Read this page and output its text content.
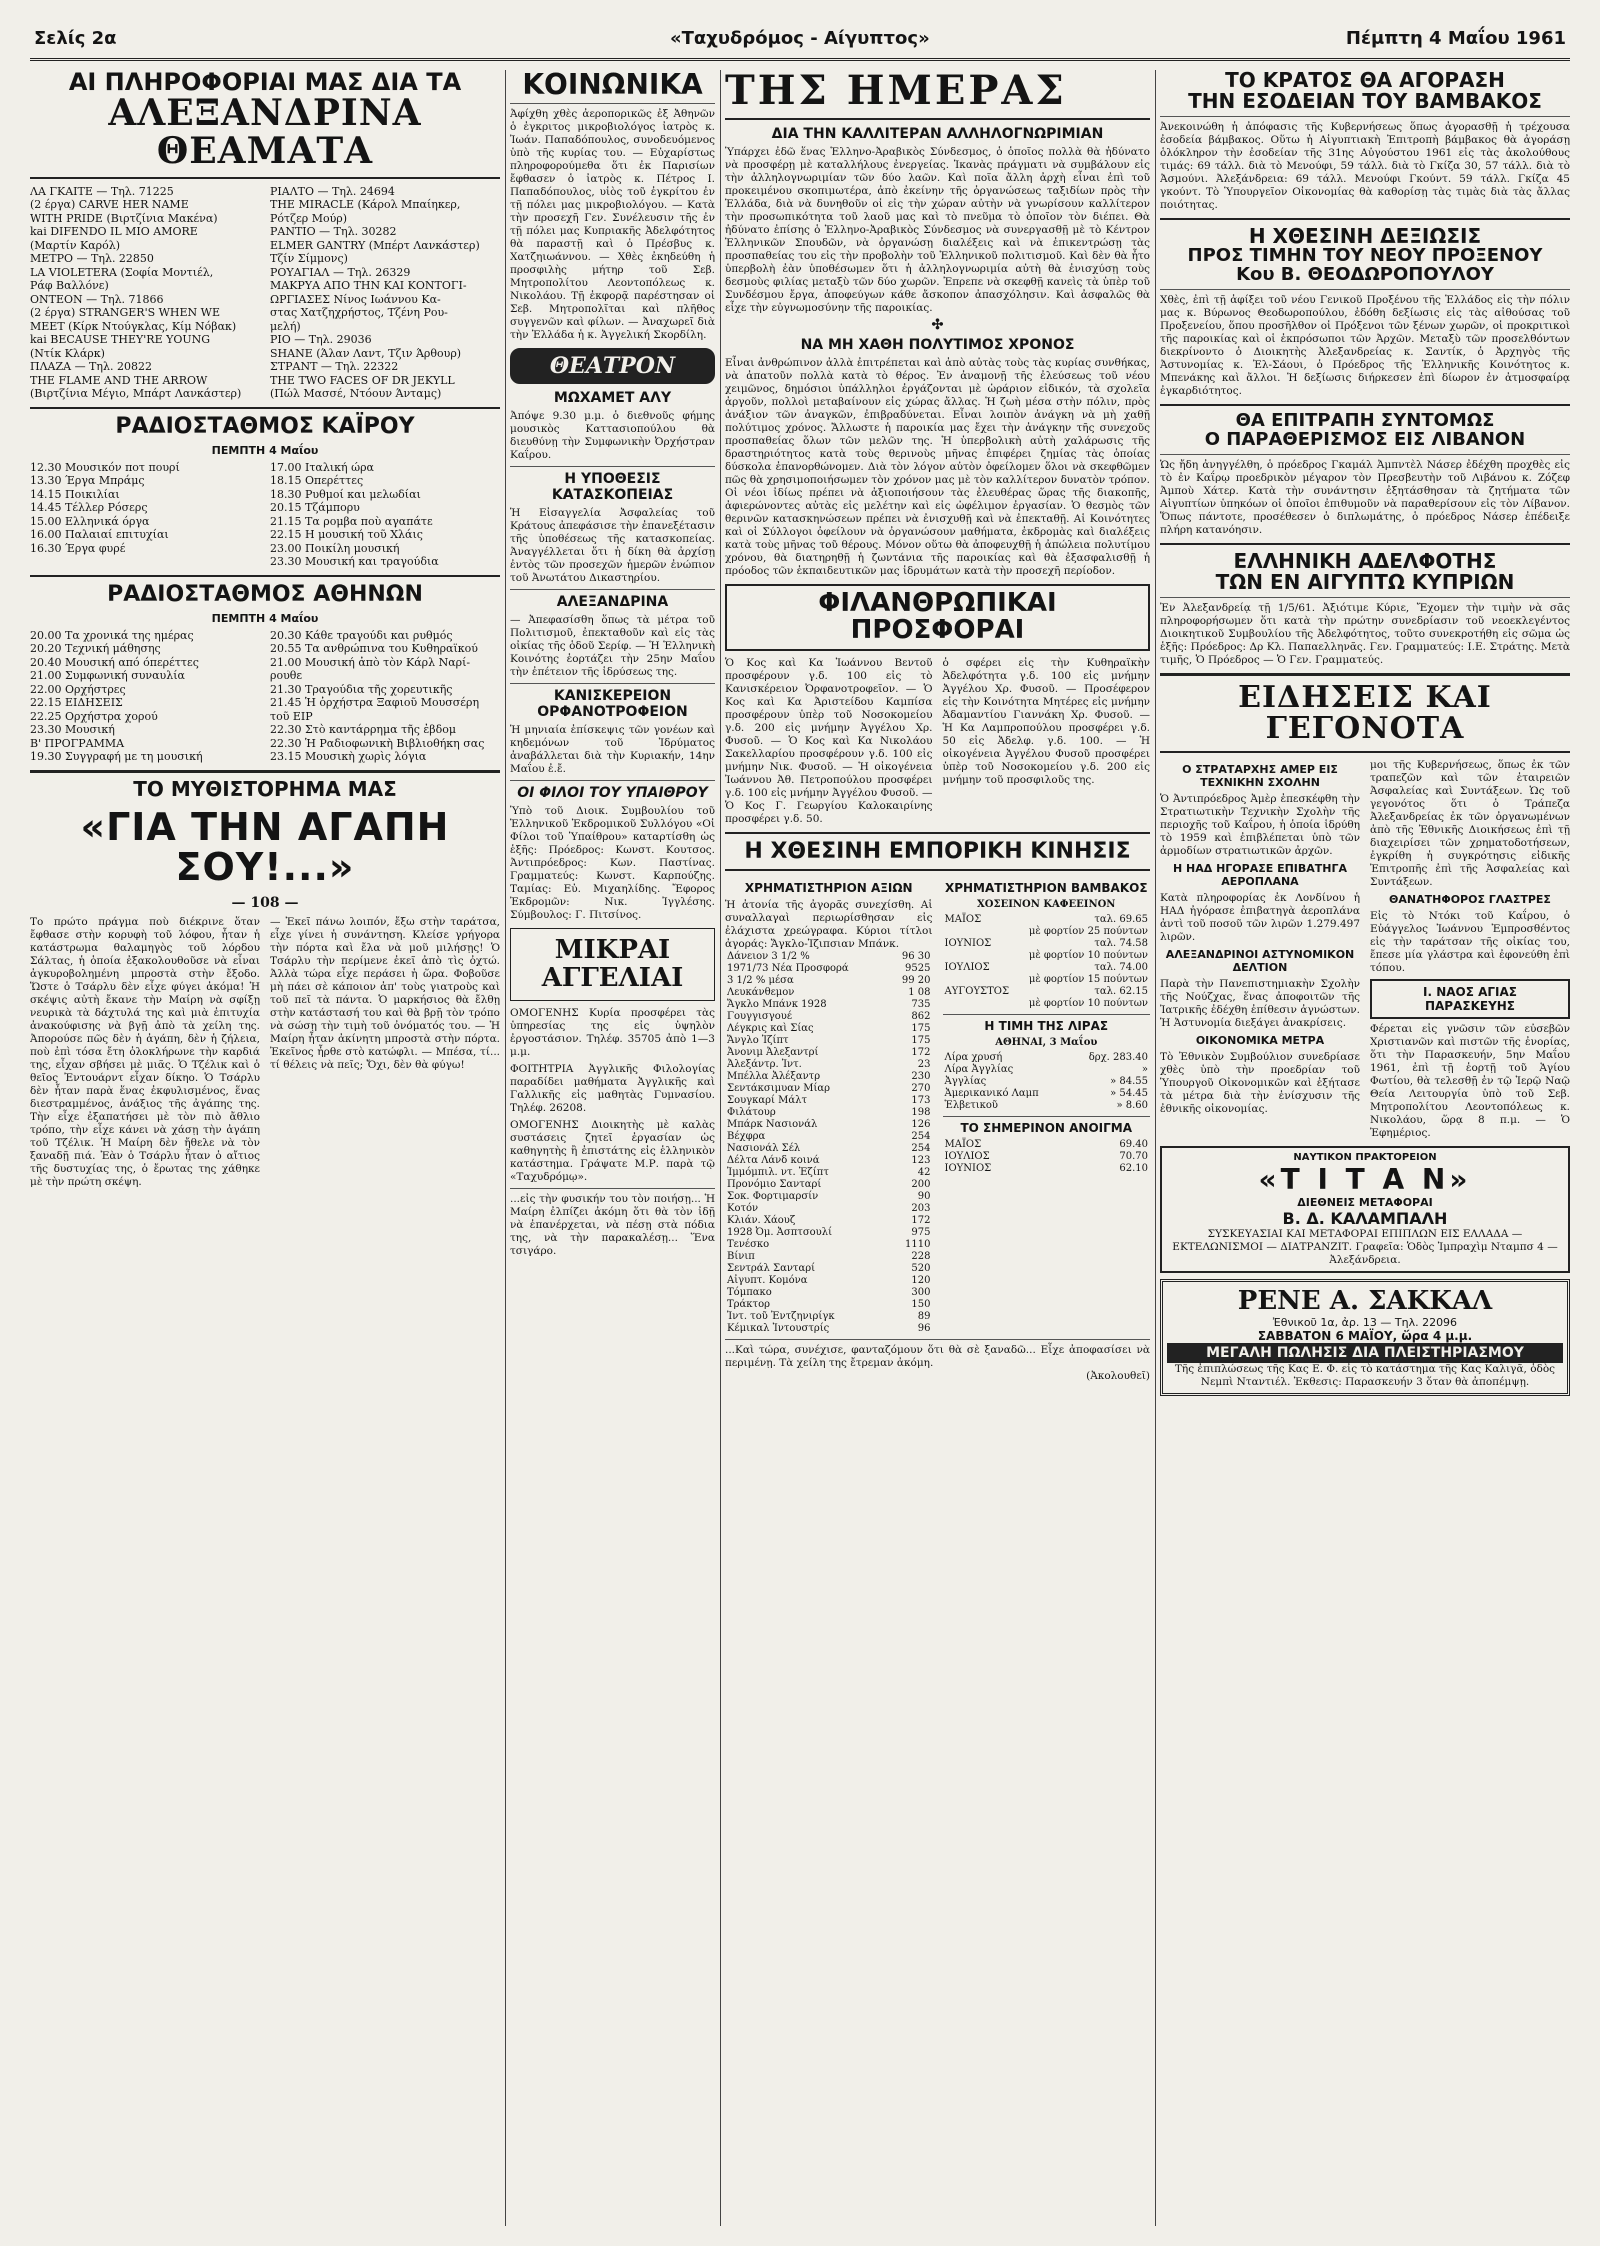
Σελίς 2α	«Ταχυδρόμος - Αίγυπτος»	Πέμπτη 4 Μαΐου 1961
ΑΙ ΠΛΗΡΟΦΟΡΙΑΙ ΜΑΣ ΔΙΑ ΤΑ
ΑΛΕΞΑΝΔΡΙΝΑ ΘΕΑΜΑΤΑ
ΛΑ ΓΚΑΙΤΕ — Τηλ. 71225
(2 έργα) CARVE HER NAME
WITH PRIDE (Βιρτζίνια Μακένα)
kai DIFENDO IL MIO AMORE
(Μαρτίν Καρόλ)
ΜΕΤΡΟ — Τηλ. 22850
LA VIOLETERA (Σοφία Μοντιέλ,
Ράφ Βαλλόνε)
ΟΝΤΕΟΝ — Τηλ. 71866
(2 έργα) STRANGER'S WHEN WE
MEET (Κίρκ Ντούγκλας, Κίμ Νόβακ)
kai BECAUSE THEY'RE YOUNG
(Ντίκ Κλάρκ)
ΠΛΑΖΑ — Τηλ. 20822
THE FLAME AND THE ARROW
(Βιρτζίνια Μέγιο, Μπάρτ Λανκάστερ)
ΡΙΑΛΤΟ — Τηλ. 24694
THE MIRACLE (Κάρολ Μπαίηκερ,
Ρότζερ Μούρ)
ΡΑΝΤΙΟ — Τηλ. 30282
ELMER GANTRY (Μπέρτ Λανκάστερ)
Τζίν Σίμμονς)
ΡΟΥΑΓΙΑΛ — Τηλ. 26329
ΜΑΚΡΥΑ ΑΠΟ ΤΗΝ ΚΑΙ ΚΟΝΤΟΓΙ-
ΩΡΓΙΑΣΕΣ Νίνος Ιωάννου Κα-
στας Χατζηχρήστος, Τζένη Ρου-
μελή)
ΡΙΟ — Τηλ. 29036
SHANE (Άλαν Λαντ, Τζιν Άρθουρ)
ΣΤΡΑΝΤ — Τηλ. 22322
THE TWO FACES OF DR JEKYLL
(Πώλ Μασσέ, Ντόουν Άνταμς)
ΡΑΔΙΟΣΤΑΘΜΟΣ ΚΑΪΡΟΥ
ΠΕΜΠΤΗ 4 Μαΐου
12.30 Μουσικόν ποτ πουρί
13.30 Έργα Μπράμς
14.15 Ποικιλίαι
14.45 Τέλλερ Ρόσερς
15.00 Ελληνικά όργα
16.00 Παλαιαί επιτυχίαι
16.30 Έργα φυρέ
17.00 Ιταλική ώρα
18.15 Οπερέττες
18.30 Ρυθμοί και μελωδίαι
20.15 Τζάμπορυ
21.15 Τα ρομβα ποὺ αγαπάτε
22.15 Η μουσική τοῦ Χλάις
23.00 Ποικίλη μουσική
23.30 Μουσική και τραγούδια
ΡΑΔΙΟΣΤΑΘΜΟΣ ΑΘΗΝΩΝ
ΠΕΜΠΤΗ 4 Μαΐου
20.00 Τα χρονικά της ημέρας
20.20 Τεχνική μάθησης
20.40 Μουσική από όπερέττες
21.00 Συμφωνική συναυλία
22.00 Ορχήστρες
22.15 ΕΙΔΗΣΕΙΣ
22.25 Ορχήστρα χορού
23.30 Μουσική
Β' ΠΡΟΓΡΑΜΜΑ
19.30 Συγγραφή με τη μουσική
20.30 Κάθε τραγούδι και ρυθμός
20.55 Τα ανθρώπινα του Κυθηραϊκού
21.00 Μουσική ἀπὸ τὸν Κάρλ Ναρί-
ρουθε
21.30 Τραγούδια τῆς χορευτικῆς
21.45 Ἡ ὀρχήστρα Ξαφιοῦ Μουσσέρη
τοῦ ΕΙΡ
22.30 Στὸ καντάρρημα τῆς ἐβδομ
22.30 Ἡ Ραδιοφωνικὴ Βιβλιοθήκη σας
23.15 Μουσικὴ χωρὶς λόγια
ΤΟ ΜΥΘΙΣΤΟΡΗΜΑ ΜΑΣ
«ΓΙΑ ΤΗΝ ΑΓΑΠΗ ΣΟΥ!...»
— 108 —

Το πρώτο πράγμα ποὺ διέκρινε ὅταν ἔφθασε στὴν κορυφὴ τοῦ λόφου, ἦταν ἡ κατάστρωμα θαλαμηγὸς τοῦ λόρδου Σάλτας, ἡ ὁποία ἐξακολουθοῦσε νὰ εἶναι ἀγκυροβολημένη μπροστὰ στὴν ἔξοδο. Ὥστε ὁ Τσάρλυ δὲν εἶχε φύγει ἀκόμα! Ἡ σκέψις αὐτὴ ἔκανε τὴν Μαίρη νὰ σφίξῃ νευρικὰ τὰ δάχτυλά της καὶ μιὰ ἐπιτυχία ἀνακούφισης νὰ βγῇ ἀπὸ τὰ χείλη της. Ἀπορούσε πῶς δὲν ἡ ἀγάπη, δὲν ἡ ζήλεια, ποὺ ἐπὶ τόσα ἔτη ὁλοκλήρωνε τὴν καρδιά της, εἶχαν σβήσει μὲ μιᾶς. Ὁ Τζέλικ καὶ ὁ θεῖος Ἐντουάρντ εἶχαν δίκηο. Ὁ Τσάρλυ δὲν ἦταν παρὰ ἕνας ἐκφυλισμένος, ἕνας διεστραμμένος, ἀνάξιος τῆς ἀγάπης της. Τὴν εἶχε ἐξαπατήσει μὲ τὸν πιὸ ἄθλιο τρόπο, τὴν εἶχε κάνει νὰ χάσῃ τὴν ἀγάπη τοῦ Τζέλικ. Ἡ Μαίρη δὲν ἤθελε νὰ τὸν ξαναδῇ πιά. Ἐὰν ὁ Τσάρλυ ἦταν ὁ αἴτιος τῆς δυστυχίας της, ὁ ἔρωτας της χάθηκε μὲ τὴν πρώτη σκέψη.

— Ἐκεῖ πάνω λοιπόν, ἔξω στὴν ταράτσα, εἶχε γίνει ἡ συνάντηση. Κλείσε γρήγορα τὴν πόρτα καὶ ἔλα νὰ μοῦ μιλήσῃς! Ὁ Τσάρλυ τὴν περίμενε ἐκεῖ ἀπὸ τὶς ὀχτώ. Ἀλλὰ τώρα εἶχε περάσει ἡ ὥρα. Φοβοῦσε μὴ πάει σὲ κάποιον ἀπ' τοὺς γιατροὺς καὶ τοῦ πεῖ τὰ πάντα. Ὁ μαρκήσιος θὰ ἔλθῃ στὴν κατάστασή του καὶ θὰ βρῇ τὸν τρόπο νὰ σώσῃ τὴν τιμὴ τοῦ ὀνόματός του. — Ἡ Μαίρη ἦταν ἀκίνητη μπροστὰ στὴν πόρτα. Ἐκεῖνος ἦρθε στὸ κατώφλι. — Μπέσα, τί... τί θέλεις νὰ πεῖς; Ὄχι, δὲν θὰ φύγω!

ΚΟΙΝΩΝΙΚΑ

Ἀφίχθη χθὲς ἀεροπορικῶς ἐξ Ἀθηνῶν ὁ ἐγκριτος μικροβιολόγος ἰατρὸς κ. Ἰωάν. Παπαδόπουλος, συνοδευόμενος ὑπὸ τῆς κυρίας του. — Εὐχαρίστως πληροφορούμεθα ὅτι ἐκ Παρισίων ἔφθασεν ὁ ἰατρὸς κ. Πέτρος Ι. Παπαδόπουλος, υἱὸς τοῦ ἐγκρίτου ἐν τῇ πόλει μας μικροβιολόγου. — Κατὰ τὴν προσεχῆ Γεν. Συνέλευσιν τῆς ἐν τῇ πόλει μας Κυπριακῆς Ἀδελφότητος θὰ παραστῇ καὶ ὁ Πρέσβυς κ. Χατζηιωάννου. — Χθὲς ἐκηδεύθη ἡ προσφιλὴς μήτηρ τοῦ Σεβ. Μητροπολίτου Λεοντοπόλεως κ. Νικολάου. Τῇ ἐκφορᾷ παρέστησαν οἱ Σεβ. Μητροπολῖται καὶ πλῆθος συγγενῶν καὶ φίλων. — Ἀναχωρεῖ διὰ τὴν Ἑλλάδα ἡ κ. Ἀγγελική Σκορδίλη.

ΘΕΑΤΡΟΝ
ΜΩΧΑΜΕΤ ΑΛΥ

Ἀπόψε 9.30 μ.μ. ὁ διεθνοῦς φήμης μουσικὸς Καττασιοπούλου θὰ διευθύνῃ τὴν Συμφωνικὴν Ὀρχήστραν Καΐρου.

Η ΥΠΟΘΕΣΙΣ ΚΑΤΑΣΚΟΠΕΙΑΣ

Ἡ Εἰσαγγελία Ἀσφαλείας τοῦ Κράτους ἀπεφάσισε τὴν ἐπανεξέτασιν τῆς ὑποθέσεως τῆς κατασκοπείας. Ἀναγγέλλεται ὅτι ἡ δίκη θὰ ἀρχίσῃ ἐντὸς τῶν προσεχῶν ἡμερῶν ἐνώπιον τοῦ Ἀνωτάτου Δικαστηρίου.

ΑΛΕΞΑΝΔΡΙΝΑ

— Ἀπεφασίσθη ὅπως τὰ μέτρα τοῦ Πολιτισμοῦ, ἐπεκταθοῦν καὶ εἰς τὰς οἰκίας τῆς ὁδοῦ Σερίφ. — Ἡ Ἑλληνικὴ Κοινότης ἑορτάζει τὴν 25ην Μαΐου τὴν ἐπέτειον τῆς ἱδρύσεως της.

ΚΑΝΙΣΚΕΡΕΙΟΝ ΟΡΦΑΝΟΤΡΟΦΕΙΟΝ

Ἡ μηνιαία ἐπίσκεψις τῶν γονέων καὶ κηδεμόνων τοῦ Ἱδρύματος ἀναβάλλεται διὰ τὴν Κυριακήν, 14ην Μαΐου ἐ.ἔ.

ΟΙ ΦΙΛΟΙ ΤΟΥ ΥΠΑΙΘΡΟΥ

Ὑπὸ τοῦ Διοικ. Συμβουλίου τοῦ Ἑλληνικοῦ Ἐκδρομικοῦ Συλλόγου «Οἱ Φίλοι τοῦ Ὑπαίθρου» καταρτίσθη ὡς ἑξῆς: Πρόεδρος: Κωνστ. Κουτσος. Ἀντιπρόεδρος: Κων. Παστίνας. Γραμματεύς: Κωνστ. Καρπούζης. Ταμίας: Εὐ. Μιχαηλίδης. Ἔφορος Ἐκδρομῶν: Νικ. Ἰγγλέσης. Σύμβουλος: Γ. Πιτσίνος.

ΜΙΚΡΑΙ ΑΓΓΕΛΙΑΙ

ΟΜΟΓΕΝΗΣ Κυρία προσφέρει τὰς ὑπηρεσίας της εἰς ὑψηλὸν ἐργοστάσιον. Τηλέφ. 35705 ἀπὸ 1—3 μ.μ.

ΦΟΙΤΗΤΡΙΑ Ἀγγλικῆς Φιλολογίας παραδίδει μαθήματα Ἀγγλικῆς καὶ Γαλλικῆς εἰς μαθητὰς Γυμνασίου. Τηλέφ. 26208.

ΟΜΟΓΕΝΗΣ Διοικητὴς μὲ καλὰς συστάσεις ζητεῖ ἐργασίαν ὡς καθηγητὴς ἢ ἐπιστάτης εἰς ἑλληνικὸν κατάστημα. Γράψατε Μ.Ρ. παρὰ τῷ «Ταχυδρόμῳ».

...εἰς τὴν φυσικήν του τὸν ποιήσῃ... Ἡ Μαίρη ἐλπίζει ἀκόμη ὅτι θὰ τὸν ἰδῇ νὰ ἐπανέρχεται, νὰ πέσῃ στὰ πόδια της, νὰ τὴν παρακαλέσῃ... Ἕνα τσιγάρο.

ΤΗΣ ΗΜΕΡΑΣ
ΔΙΑ ΤΗΝ ΚΑΛΛΙΤΕΡΑΝ ΑΛΛΗΛΟΓΝΩΡΙΜΙΑΝ

Ὑπάρχει ἐδῶ ἕνας Ἑλληνο-Ἀραβικὸς Σύνδεσμος, ὁ ὁποῖος πολλὰ θὰ ἠδύνατο νὰ προσφέρῃ μὲ καταλλήλους ἐνεργείας. Ἱκανὰς πράγματι νὰ συμβάλουν εἰς τὴν ἀλληλογνωριμίαν τῶν δύο λαῶν. Καὶ ποῖα ἄλλη ἀρχὴ εἶναι ἐπὶ τοῦ προκειμένου σκοπιμωτέρα, ἀπὸ ἐκείνην τῆς ὀργανώσεως ταξιδίων πρὸς τὴν Ἑλλάδα, διὰ νὰ δυνηθοῦν οἱ εἰς τὴν χώραν αὐτὴν νὰ γνωρίσουν καλλίτερον τὴν προσωπικότητα τοῦ λαοῦ μας καὶ τὸ πνεῦμα τὸ ὁποῖον τὸν διέπει. Θὰ ἠδύνατο ἐπίσης ὁ Ἑλληνο-Ἀραβικὸς Σύνδεσμος νὰ συνεργασθῇ μὲ τὸ Κέντρον Ἑλληνικῶν Σπουδῶν, νὰ ὀργανώσῃ διαλέξεις καὶ νὰ ἐπικεντρώσῃ τὰς προσπαθείας του εἰς τὴν προβολὴν τοῦ Ἑλληνικοῦ πολιτισμοῦ. Καὶ δὲν θὰ ἦτο ὑπερβολὴ ἐὰν ὑποθέσωμεν ὅτι ἡ ἀλληλογνωριμία αὐτὴ θὰ ἐνισχύσῃ τοὺς δεσμοὺς φιλίας μεταξὺ τῶν δύο χωρῶν. Ἐπρεπε νὰ σκεφθῇ κανεὶς τὰ ὑπὲρ τοῦ Συνδέσμου ἔργα, ἀποφεύγων κάθε ἄσκοπον ἀπασχόλησιν. Καὶ ἀσφαλῶς θὰ εἶχε τὴν εὐγνωμοσύνην τῆς παροικίας.

✣
ΝΑ ΜΗ ΧΑΘΗ ΠΟΛΥΤΙΜΟΣ ΧΡΟΝΟΣ

Εἶναι ἀνθρώπινον ἀλλὰ ἐπιτρέπεται καὶ ἀπὸ αὐτὰς τοὺς τὰς κυρίας συνθήκας, νὰ ἀπατοῦν πολλὰ κατὰ τὸ θέρος. Ἐν ἀναμονῇ τῆς ἐλεύσεως τοῦ νέου χειμῶνος, δημόσιοι ὑπάλληλοι ἐργάζονται μὲ ὡράριον εἰδικόν, τὰ σχολεῖα ἀργοῦν, πολλοὶ μεταβαίνουν εἰς χώρας ἄλλας. Ἡ ζωὴ μέσα στὴν πόλιν, πρὸς ἀνάξιον τῶν ἀναγκῶν, ἐπιβραδύνεται. Εἶναι λοιπὸν ἀνάγκη νὰ μὴ χαθῇ πολύτιμος χρόνος. Ἄλλωστε ἡ παροικία μας ἔχει τὴν ἀνάγκην τῆς συνεχοῦς προσπαθείας ὅλων τῶν μελῶν της. Ἡ ὑπερβολικὴ αὐτὴ χαλάρωσις τῆς δραστηριότητος κατὰ τοὺς θερινοὺς μῆνας ἐπιφέρει ζημίας τὰς ὁποίας δύσκολα ἐπανορθώνομεν. Διὰ τὸν λόγον αὐτὸν ὀφείλομεν ὅλοι νὰ σκεφθῶμεν πῶς θὰ χρησιμοποιήσωμεν τὸν χρόνον μας μὲ τὸν καλλίτερον δυνατὸν τρόπον. Οἱ νέοι ἰδίως πρέπει νὰ ἀξιοποιήσουν τὰς ἐλευθέρας ὥρας τῆς διακοπῆς, ἀφιερώνοντες αὐτὰς εἰς μελέτην καὶ εἰς ὠφέλιμον ἐργασίαν. Ὁ θεσμὸς τῶν θερινῶν κατασκηνώσεων πρέπει νὰ ἐνισχυθῇ καὶ νὰ ἐπεκταθῇ. Αἱ Κοινότητες καὶ οἱ Σύλλογοι ὀφείλουν νὰ ὀργανώσουν μαθήματα, ἐκδρομὰς καὶ διαλέξεις κατὰ τοὺς μῆνας τοῦ θέρους. Μόνον οὕτω θὰ ἀποφευχθῇ ἡ ἀπώλεια πολυτίμου χρόνου, θὰ διατηρηθῇ ἡ ζωντάνια τῆς παροικίας καὶ θὰ ἐξασφαλισθῇ ἡ πρόοδος τῶν ἐκπαιδευτικῶν μας ἱδρυμάτων κατὰ τὴν προσεχῆ περίοδον.

ΦΙΛΑΝΘΡΩΠΙΚΑΙ ΠΡΟΣΦΟΡΑΙ

Ὁ Κος καὶ Κα Ἰωάννου Βεντοῦ προσφέρουν γ.δ. 100 εἰς τὸ Κανισκέρειον Ὀρφανοτροφεῖον. — Ὁ Κος καὶ Κα Ἀριστείδου Καμπίσα προσφέρουν ὑπὲρ τοῦ Νοσοκομείου γ.δ. 200 εἰς μνήμην Ἀγγέλου Χρ. Φυσοῦ. — Ὁ Κος καὶ Κα Νικολάου Σακελλαρίου προσφέρουν γ.δ. 100 εἰς μνήμην Νικ. Φυσοῦ. — Ἡ οἰκογένεια Ἰωάννου Ἀθ. Πετροπούλου προσφέρει γ.δ. 100 εἰς μνήμην Ἀγγέλου Φυσοῦ. — Ὁ Κος Γ. Γεωργίου Καλοκαιρίνης προσφέρει γ.δ. 50.

ὁ σφέρει εἰς τὴν Κυθηραϊκὴν Ἀδελφότητα γ.δ. 100 εἰς μνήμην Ἀγγέλου Χρ. Φυσοῦ. — Προσέφερον εἰς τὴν Κοινότητα Μητέρες εἰς μνήμην Ἀδαμαντίου Γιαννάκη Χρ. Φυσοῦ. — Ἡ Κα Λαμπροπούλου προσφέρει γ.δ. 50 εἰς Ἀδελφ. γ.δ. 100. — Ἡ οἰκογένεια Ἀγγέλου Φυσοῦ προσφέρει ὑπὲρ τοῦ Νοσοκομείου γ.δ. 200 εἰς μνήμην τοῦ προσφιλοῦς της.

Η ΧΘΕΣΙΝΗ ΕΜΠΟΡΙΚΗ ΚΙΝΗΣΙΣ
ΧΡΗΜΑΤΙΣΤΗΡΙΟΝ ΑΞΙΩΝ

Ἡ ἀτονία τῆς ἀγορᾶς συνεχίσθη. Αἱ συναλλαγαὶ περιωρίσθησαν εἰς ἐλάχιστα χρεώγραφα. Κύριοι τίτλοι ἀγοράς: Ἄγκλο-Ἰζιπσιαν Μπάνκ.

Δάνειον 3 1/2 %	96 30
1971/73 Νέα Προσφορά	9525
3 1/2 % μέσα	99 20
Λευκάνθεμον	1 08
Ἄγκλο Μπάνκ 1928	735
Γουγγισγουέ	862
Λέγκρις καὶ Σίας	175
Ἄνγλο Ἰζίπτ	175
Ἀνονιμ Ἀλεξαντρί	172
Ἀλεξάντρ. Ἰντ.	23
Μπέλλα Ἀλέξαντρ	230
Σεντάκσιμυαν Μίαρ	270
Σουγκαρί Μάλτ	173
Φιλάτουρ	198
Μπάρκ Νασιονάλ	126
Βέχφρα	254
Νασιονάλ Σέλ	254
Δέλτα Λάνδ κοινά	123
Ἰμμόμπιλ. ντ. Ἐζίπτ	42
Προνόμιο Σανταρί	200
Σοκ. Φορτιμαρσίν	90
Κοτόν	203
Κλιάν. Χάουζ	172
1928 Ὀμ. Ἀσπτσουλί	975
Τενέσκο	1110
Βίνιπ	228
Σεντράλ Σανταρί	520
Αἰγυπτ. Κομόνα	120
Τόμπακο	300
Τράκτορ	150
Ἰντ. τοῦ Ἐντζηνιρίγκ	89
Κέμικαλ Ἰντουστρίς	96
ΧΡΗΜΑΤΙΣΤΗΡΙΟΝ ΒΑΜΒΑΚΟΣ
ΧΟΣΕΙΝΟΝ ΚΑΦΕΕΙΝΟΝ
ΜΑΪΟΣ	ταλ. 69.65
	μὲ φορτίον 25 πούντων
ΙΟΥΝΙΟΣ	ταλ. 74.58
	μὲ φορτίον 10 πούντων
ΙΟΥΛΙΟΣ	ταλ. 74.00
	μὲ φορτίον 15 πούντων
ΑΥΓΟΥΣΤΟΣ	ταλ. 62.15
	μὲ φορτίον 10 πούντων
Η ΤΙΜΗ ΤΗΣ ΛΙΡΑΣ
ΑΘΗΝΑΙ, 3 Μαΐου
Λίρα χρυσή	δρχ. 283.40
Λίρα Ἀγγλίας	»
Ἀγγλίας	» 84.55
Ἀμερικανικό Λαμπ	» 54.45
Ἑλβετικοῦ	» 8.60
ΤΟ ΣΗΜΕΡΙΝΟΝ ΑΝΟΙΓΜΑ
ΜΑΪΟΣ	69.40
ΙΟΥΛΙΟΣ	70.70
ΙΟΥΝΙΟΣ	62.10

...Καὶ τώρα, συνέχισε, φανταζόμουν ὅτι θὰ σὲ ξαναδῶ... Εἶχε ἀποφασίσει νὰ περιμένῃ. Τὰ χείλη της ἔτρεμαν ἀκόμη.

(Ἀκολουθεῖ)

ΤΟ ΚΡΑΤΟΣ ΘΑ ΑΓΟΡΑΣΗ
ΤΗΝ ΕΣΟΔΕΙΑΝ ΤΟΥ ΒΑΜΒΑΚΟΣ

Ἀνεκοινώθη ἡ ἀπόφασις τῆς Κυβερνήσεως ὅπως ἀγορασθῇ ἡ τρέχουσα ἐσοδεία βάμβακος. Οὕτω ἡ Αἰγυπτιακὴ Ἐπιτροπὴ βάμβακος θὰ ἀγοράσῃ ὁλόκληρον τὴν ἐσοδείαν τῆς 31ης Αὐγούστου 1961 εἰς τὰς ἀκολούθους τιμάς: 69 τάλλ. διὰ τὸ Μενούφι, 59 τάλλ. διὰ τὸ Γκίζα 30, 57 τάλλ. διὰ τὸ Ἀσμούνι. Ἀλεξάνδρεια: 69 τάλλ. Μενούφι Γκούντ. 59 τάλλ. Γκίζα 45 γκούντ. Τὸ Ὑπουργεῖον Οἰκονομίας θὰ καθορίσῃ τὰς τιμὰς διὰ τὰς ἄλλας ποιότητας.

Η ΧΘΕΣΙΝΗ ΔΕΞΙΩΣΙΣ
ΠΡΟΣ ΤΙΜΗΝ ΤΟΥ ΝΕΟΥ ΠΡΟΞΕΝΟΥ
Κου Β. ΘΕΟΔΩΡΟΠΟΥΛΟΥ

Χθὲς, ἐπὶ τῇ ἀφίξει τοῦ νέου Γενικοῦ Προξένου τῆς Ἑλλάδος εἰς τὴν πόλιν μας κ. Βύρωνος Θεοδωροπούλου, ἐδόθη δεξίωσις εἰς τὰς αἰθούσας τοῦ Προξενείου, ὅπου προσῆλθον οἱ Πρόξενοι τῶν ξένων χωρῶν, οἱ προκριτικοὶ τῆς παροικίας καὶ οἱ ἐκπρόσωποι τῶν Ἀρχῶν. Μεταξὺ τῶν προσελθόντων διεκρίνοντο ὁ Διοικητὴς Ἀλεξανδρείας κ. Σαντίκ, ὁ Ἀρχηγὸς τῆς Ἀστυνομίας κ. Ἐλ-Σάουι, ὁ Πρόεδρος τῆς Ἑλληνικῆς Κοινότητος κ. Μπενάκης καὶ ἄλλοι. Ἡ δεξίωσις διήρκεσεν ἐπὶ δίωρον ἐν ἀτμοσφαίρᾳ ἐγκαρδιότητος.

ΘΑ ΕΠΙΤΡΑΠΗ ΣΥΝΤΟΜΩΣ
Ο ΠΑΡΑΘΕΡΙΣΜΟΣ ΕΙΣ ΛΙΒΑΝΟΝ

Ὡς ἤδη ἀνηγγέλθη, ὁ πρόεδρος Γκαμάλ Ἀμπντὲλ Νάσερ ἐδέχθη προχθὲς εἰς τὸ ἐν Καΐρῳ προεδρικὸν μέγαρον τὸν Πρεσβευτὴν τοῦ Λιβάνου κ. Ζόζεφ Ἀμποὺ Χάτερ. Κατὰ τὴν συνάντησιν ἐξητάσθησαν τὰ ζητήματα τῶν Αἰγυπτίων ὑπηκόων οἱ ὁποῖοι ἐπιθυμοῦν νὰ παραθερίσουν εἰς τὸν Λίβανον. Ὅπως πάντοτε, προσέθεσεν ὁ διπλωμάτης, ὁ πρόεδρος Νάσερ ἐπέδειξε πλήρη κατανόησιν.

ΕΛΛΗΝΙΚΗ ΑΔΕΛΦΟΤΗΣ
ΤΩΝ ΕΝ ΑΙΓΥΠΤΩ ΚΥΠΡΙΩΝ

Ἐν Ἀλεξανδρείᾳ τῇ 1/5/61. Ἀξιότιμε Κύριε, Ἔχομεν τὴν τιμὴν νὰ σᾶς πληροφορήσωμεν ὅτι κατὰ τὴν πρώτην συνεδρίασιν τοῦ νεοεκλεγέντος Διοικητικοῦ Συμβουλίου τῆς Ἀδελφότητος, τοῦτο συνεκροτήθη εἰς σῶμα ὡς ἑξῆς: Πρόεδρος: Δρ Κλ. Παπαελληνᾶς. Γεν. Γραμματεύς: Ι.Ε. Στράτης. Μετὰ τιμῆς, Ὁ Πρόεδρος — Ὁ Γεν. Γραμματεύς.

ΕΙΔΗΣΕΙΣ ΚΑΙ ΓΕΓΟΝΟΤΑ
Ο ΣΤΡΑΤΑΡΧΗΣ ΑΜΕΡ ΕΙΣ ΤΕΧΝΙΚΗΝ ΣΧΟΛΗΝ

Ὁ Ἀντιπρόεδρος Ἀμὲρ ἐπεσκέφθη τὴν Στρατιωτικὴν Τεχνικὴν Σχολὴν τῆς περιοχῆς τοῦ Καΐρου, ἡ ὁποία ἱδρύθη τὸ 1959 καὶ ἐπιβλέπεται ὑπὸ τῶν ἀρμοδίων στρατιωτικῶν ἀρχῶν.

Η ΗΑΔ ΗΓΟΡΑΣΕ ΕΠΙΒΑΤΗΓΑ ΑΕΡΟΠΛΑΝΑ

Κατὰ πληροφορίας ἐκ Λονδίνου ἡ ΗΑΔ ἠγόρασε ἐπιβατηγὰ ἀεροπλάνα ἀντὶ τοῦ ποσοῦ τῶν λιρῶν 1.279.497 λιρῶν.

ΑΛΕΞΑΝΔΡΙΝΟΙ ΑΣΤΥΝΟΜΙΚΟΝ ΔΕΛΤΙΟΝ

Παρὰ τὴν Πανεπιστημιακὴν Σχολὴν τῆς Νούζχας, ἕνας ἀποφοιτῶν τῆς Ἰατρικῆς ἐδέχθη ἐπίθεσιν ἀγνώστων. Ἡ Ἀστυνομία διεξάγει ἀνακρίσεις.

ΟΙΚΟΝΟΜΙΚΑ ΜΕΤΡΑ

Τὸ Ἐθνικὸν Συμβούλιον συνεδρίασε χθὲς ὑπὸ τὴν προεδρίαν τοῦ Ὑπουργοῦ Οἰκονομικῶν καὶ ἐξήτασε τὰ μέτρα διὰ τὴν ἐνίσχυσιν τῆς ἐθνικῆς οἰκονομίας.

μοι τῆς Κυβερνήσεως, ὅπως ἐκ τῶν τραπεζῶν καὶ τῶν ἐταιρειῶν Ἀσφαλείας καὶ Συντάξεων. Ὡς τοῦ γεγονότος ὅτι ὁ Τράπεζα Ἀλεξανδρείας ἐκ τῶν ὀργανωμένων ἀπὸ τῆς Ἐθνικῆς Διοικήσεως ἐπὶ τῇ διαχειρίσει τῶν χρηματοδοτήσεων, ἐγκρίθη ἡ συγκρότησις εἰδικῆς Ἐπιτροπῆς ἐπὶ τῆς Ἀσφαλείας καὶ Συντάξεων.

ΘΑΝΑΤΗΦΟΡΟΣ ΓΛΑΣΤΡΕΣ

Εἰς τὸ Ντόκι τοῦ Καΐρου, ὁ Εὐάγγελος Ἰωάννου Ἐμπροσθέντος εἰς τὴν ταράτσαν τῆς οἰκίας του, ἔπεσε μία γλάστρα καὶ ἐφονεύθη ἐπὶ τόπου.

Ι. ΝΑΟΣ ΑΓΙΑΣ ΠΑΡΑΣΚΕΥΗΣ

Φέρεται εἰς γνῶσιν τῶν εὐσεβῶν Χριστιανῶν καὶ πιστῶν τῆς ἐνορίας, ὅτι τὴν Παρασκευήν, 5ην Μαΐου 1961, ἐπὶ τῇ ἑορτῇ τοῦ Ἁγίου Φωτίου, θὰ τελεσθῇ ἐν τῷ Ἱερῷ Ναῷ Θεία Λειτουργία ὑπὸ τοῦ Σεβ. Μητροπολίτου Λεοντοπόλεως κ. Νικολάου, ὥρᾳ 8 π.μ. — Ὁ Ἐφημέριος.

ΝΑΥΤΙΚΟΝ ΠΡΑΚΤΟΡΕΙΟΝ
«Τ Ι Τ Α Ν»
ΔΙΕΘΝΕΙΣ ΜΕΤΑΦΟΡΑΙ
Β. Δ. ΚΑΛΑΜΠΑΛΗ

ΣΥΣΚΕΥΑΣΙΑΙ ΚΑΙ ΜΕΤΑΦΟΡΑΙ ΕΠΙΠΛΩΝ ΕΙΣ ΕΛΛΑΔΑ — ΕΚΤΕΛΩΝΙΣΜΟΙ — ΔΙΑΤΡΑΝΖΙΤ. Γραφεῖα: Ὁδὸς Ἰμπραχὶμ Νταμπσ 4 — Ἀλεξάνδρεια.

ΡΕΝΕ Α. ΣΑΚΚΑΛ
Ἐθνικοῦ 1α, ἀρ. 13 — Τηλ. 22096
ΣΑΒΒΑΤΟΝ 6 ΜΑΪΟΥ, ὥρα 4 μ.μ.
ΜΕΓΑΛΗ ΠΩΛΗΣΙΣ ΔΙΑ ΠΛΕΙΣΤΗΡΙΑΣΜΟΥ

Τῆς ἐπιπλώσεως τῆς Κας Ε. Φ. εἰς τὸ κατάστημα τῆς Κας Καλιγᾶ, ὁδὸς Νεμπὶ Νταντιέλ. Ἐκθεσις: Παρασκευήν 3 ὅταν θὰ ἀποπέμψῃ.
